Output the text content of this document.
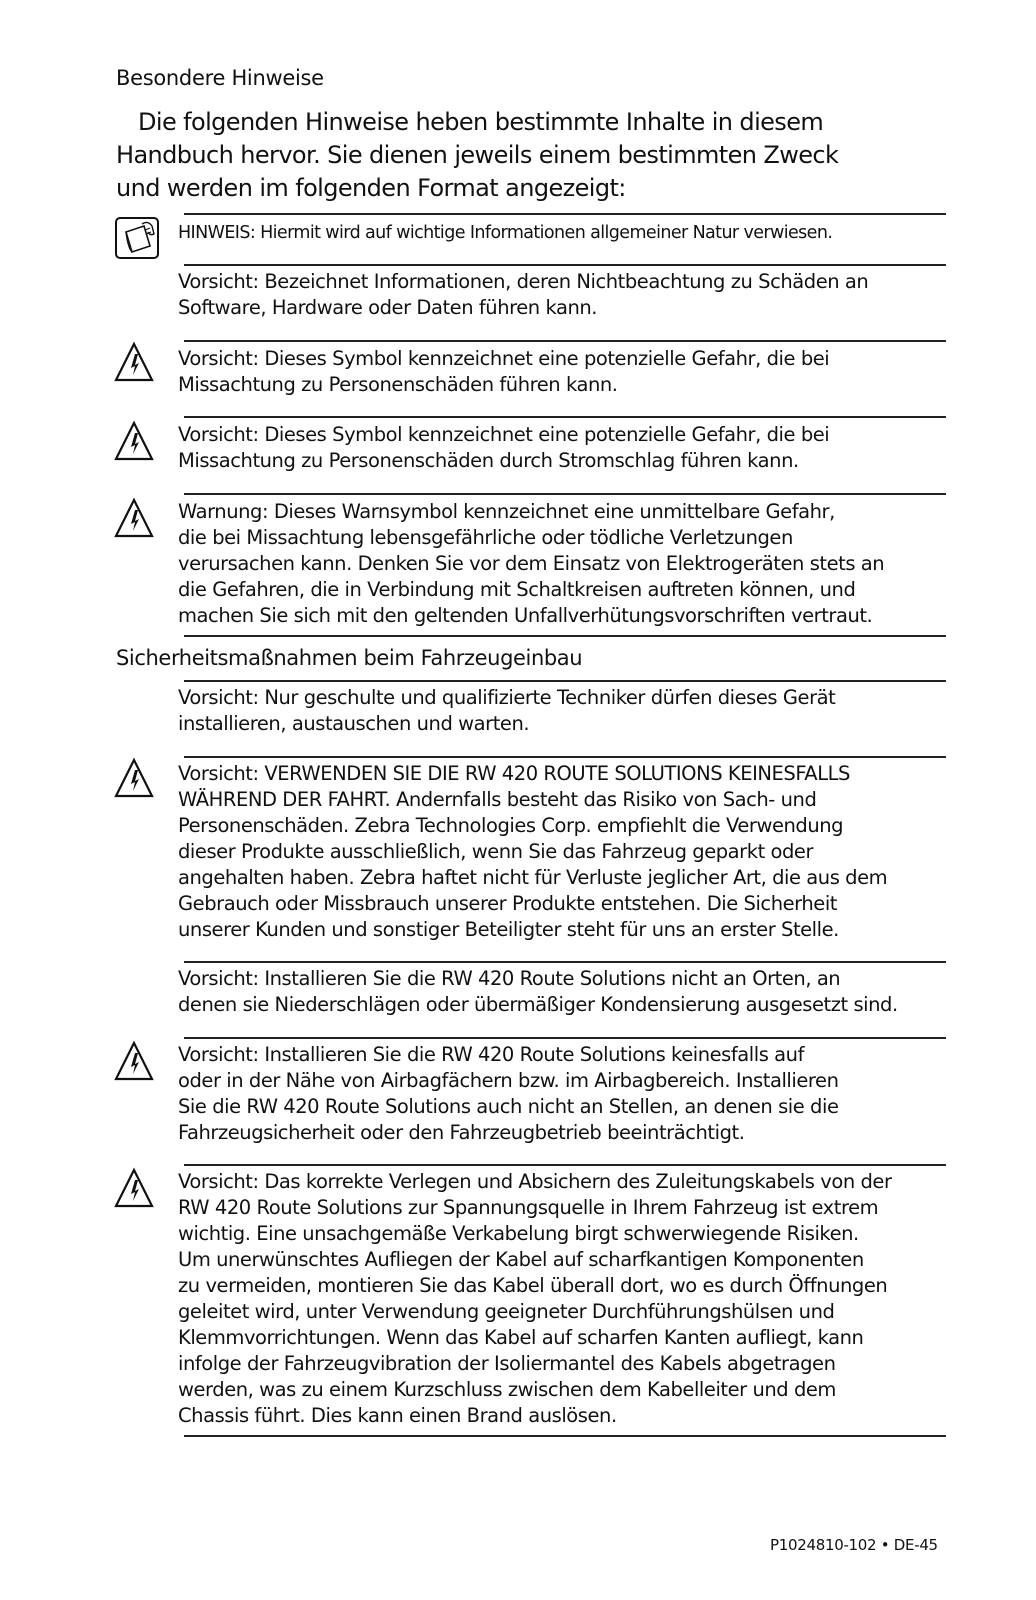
Besondere Hinweise
Die folgenden Hinweise heben bestimmte Inhalte in diesem
Handbuch hervor. Sie dienen jeweils einem bestimmten Zweck
und werden im folgenden Format angezeigt:
HINWEIS: Hiermit wird auf wichtige Informationen allgemeiner Natur verwiesen.
Vorsicht: Bezeichnet Informationen, deren Nichtbeachtung zu Schäden an
Software, Hardware oder Daten führen kann.
Vorsicht: Dieses Symbol kennzeichnet eine potenzielle Gefahr, die bei
Missachtung zu Personenschäden führen kann.
Vorsicht: Dieses Symbol kennzeichnet eine potenzielle Gefahr, die bei
Missachtung zu Personenschäden durch Stromschlag führen kann.
Warnung: Dieses Warnsymbol kennzeichnet eine unmittelbare Gefahr,
die bei Missachtung lebensgefährliche oder tödliche Verletzungen
verursachen kann. Denken Sie vor dem Einsatz von Elektrogeräten stets an
die Gefahren, die in Verbindung mit Schaltkreisen auftreten können, und
machen Sie sich mit den geltenden Unfallverhütungsvorschriften vertraut.
Sicherheitsmaßnahmen beim Fahrzeugeinbau
Vorsicht: Nur geschulte und qualifizierte Techniker dürfen dieses Gerät
installieren, austauschen und warten.
Vorsicht: VERWENDEN SIE DIE RW 420 ROUTE SOLUTIONS KEINESFALLS
WÄHREND DER FAHRT. Andernfalls besteht das Risiko von Sach- und
Personenschäden. Zebra Technologies Corp. empfiehlt die Verwendung
dieser Produkte ausschließlich, wenn Sie das Fahrzeug geparkt oder
angehalten haben. Zebra haftet nicht für Verluste jeglicher Art, die aus dem
Gebrauch oder Missbrauch unserer Produkte entstehen. Die Sicherheit
unserer Kunden und sonstiger Beteiligter steht für uns an erster Stelle.
Vorsicht: Installieren Sie die RW 420 Route Solutions nicht an Orten, an
denen sie Niederschlägen oder übermäßiger Kondensierung ausgesetzt sind.
Vorsicht: Installieren Sie die RW 420 Route Solutions keinesfalls auf
oder in der Nähe von Airbagfächern bzw. im Airbagbereich. Installieren
Sie die RW 420 Route Solutions auch nicht an Stellen, an denen sie die
Fahrzeugsicherheit oder den Fahrzeugbetrieb beeinträchtigt.
Vorsicht: Das korrekte Verlegen und Absichern des Zuleitungskabels von der
RW 420 Route Solutions zur Spannungsquelle in Ihrem Fahrzeug ist extrem
wichtig. Eine unsachgemäße Verkabelung birgt schwerwiegende Risiken.
Um unerwünschtes Aufliegen der Kabel auf scharfkantigen Komponenten
zu vermeiden, montieren Sie das Kabel überall dort, wo es durch Öffnungen
geleitet wird, unter Verwendung geeigneter Durchführungshülsen und
Klemmvorrichtungen. Wenn das Kabel auf scharfen Kanten aufliegt, kann
infolge der Fahrzeugvibration der Isoliermantel des Kabels abgetragen
werden, was zu einem Kurzschluss zwischen dem Kabelleiter und dem
Chassis führt. Dies kann einen Brand auslösen.
P1024810-102 • DE-45
